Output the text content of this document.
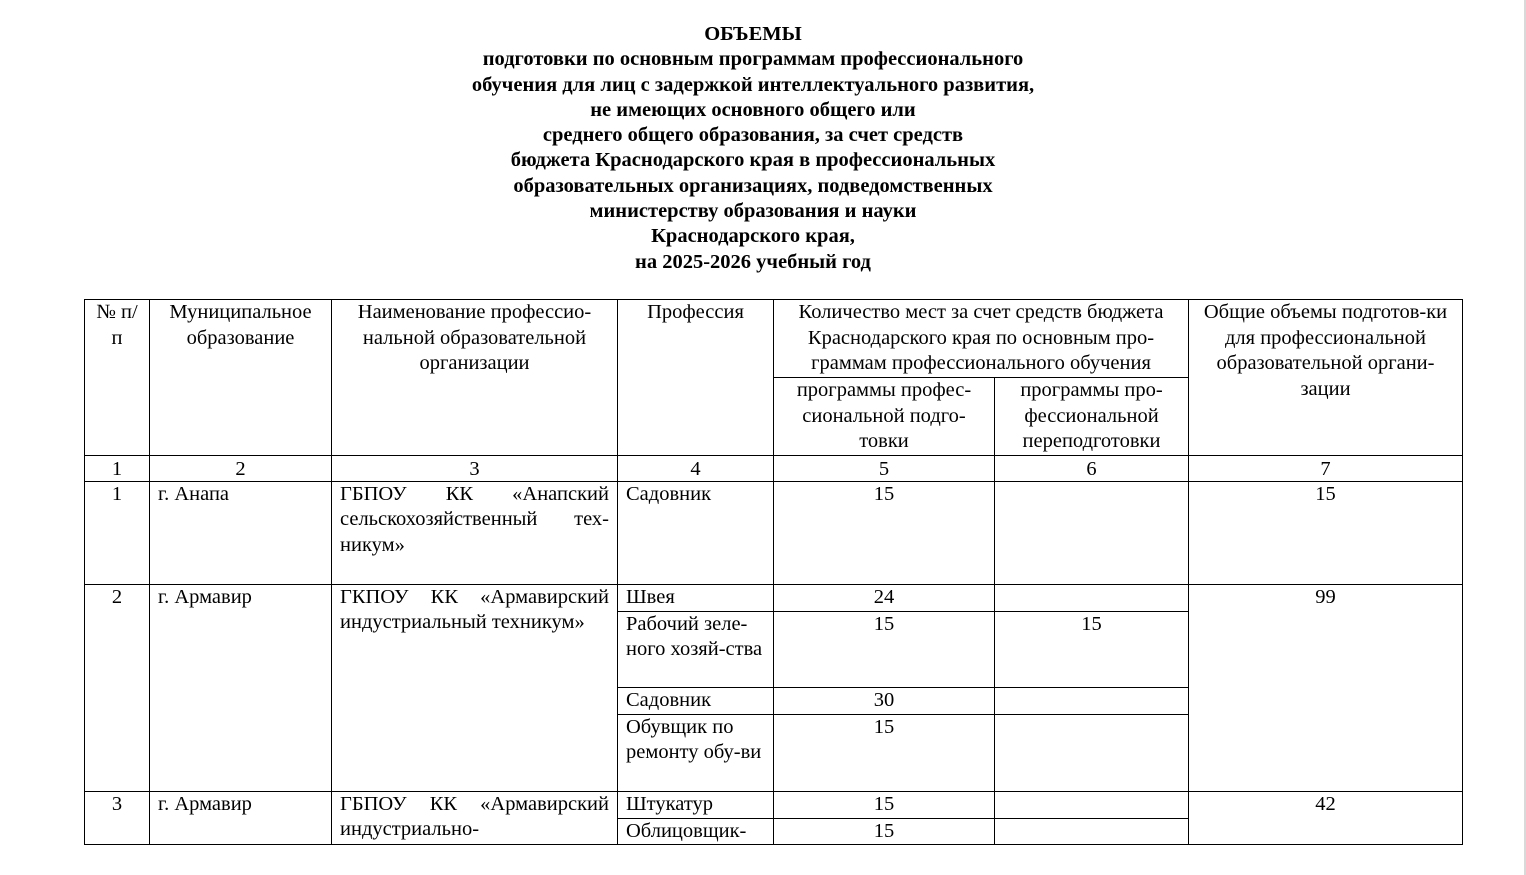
ОБЪЕМЫ
подготовки по основным программам профессионального
обучения для лиц с задержкой интеллектуального развития,
не имеющих основного общего или
среднего общего образования, за счет средств
бюджета Краснодарского края в профессиональных
образовательных организациях, подведомственных
министерству образования и науки
Краснодарского края,
на 2025-2026 учебный год
№ п/п	Муниципальное образование	Наименование профессио-нальной образовательной организации	Профессия	Количество мест за счет средств бюджета Краснодарского края по основным про-граммам профессионального обучения		Общие объемы подготов-ки для профессиональной образовательной органи-зации
				программы профес-сиональной подго-товки	программы про-фессиональной переподготовки	
1	2	3	4	5	6	7
1	г. Анапа	ГБПОУ КК «Анапский
сельскохозяйственный тех-никум»	Садовник	15		15
2	г. Армавир	ГКПОУ КК «Армавирский
индустриальный техникум»	Швея	24		99
			Рабочий зеле-ного хозяй-ства	15	15	
			Садовник	30		
			Обувщик по ремонту обу-ви	15		
3	г. Армавир	ГБПОУ КК «Армавирский
индустриально-	Штукатур	15		42
			Облицовщик-	15		
